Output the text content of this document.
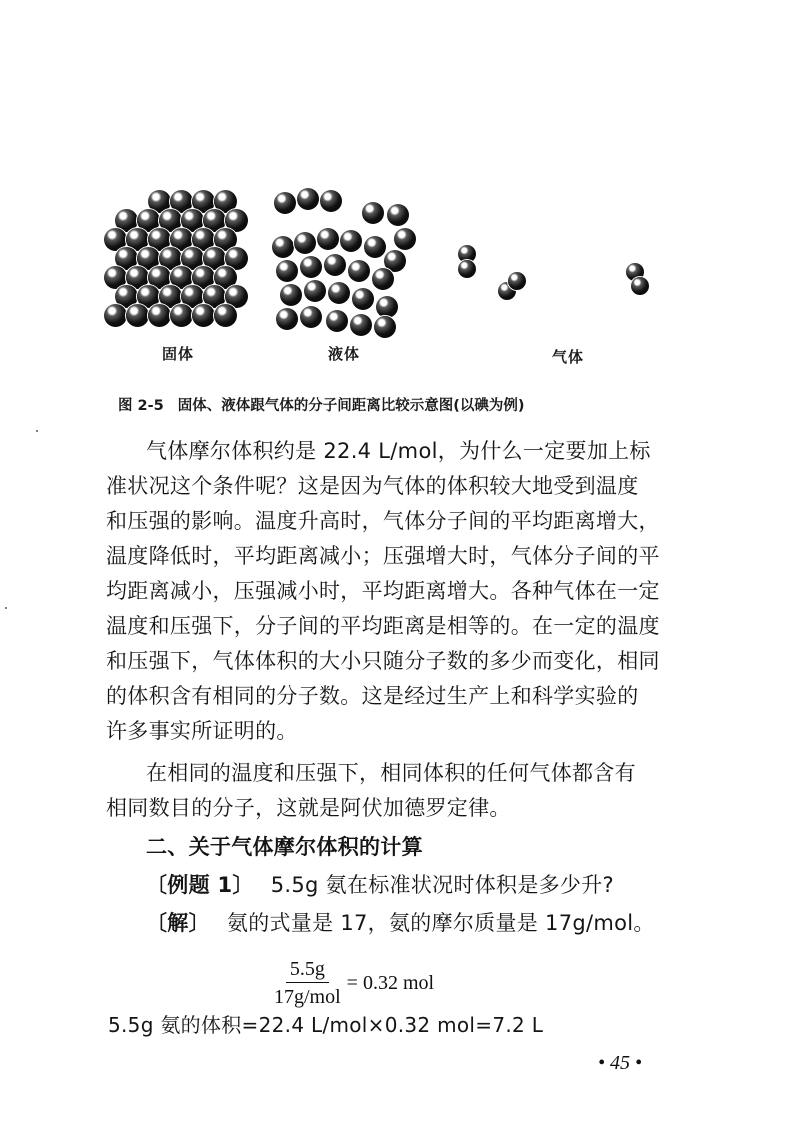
固体	液体	气体
图 2-5 固体、液体跟气体的分子间距离比较示意图(以碘为例)
气体摩尔体积约是 22.4 L/mol，为什么一定要加上标
准状况这个条件呢？这是因为气体的体积较大地受到温度
和压强的影响。温度升高时，气体分子间的平均距离增大，
温度降低时，平均距离减小；压强增大时，气体分子间的平
均距离减小，压强减小时，平均距离增大。各种气体在一定
温度和压强下，分子间的平均距离是相等的。在一定的温度
和压强下，气体体积的大小只随分子数的多少而变化，相同
的体积含有相同的分子数。这是经过生产上和科学实验的
许多事实所证明的。
在相同的温度和压强下，相同体积的任何气体都含有
相同数目的分子，这就是阿伏加德罗定律。
二、关于气体摩尔体积的计算
〔例题 1〕 5.5g 氨在标准状况时体积是多少升?
〔解〕 氨的式量是 17，氨的摩尔质量是 17g/mol。
$\frac{5.5g}{\text{17g/mol}} = 0.32$ mol
5.5g 氨的体积=22.4 L/mol×0.32 mol=7.2 L
• 45 •
